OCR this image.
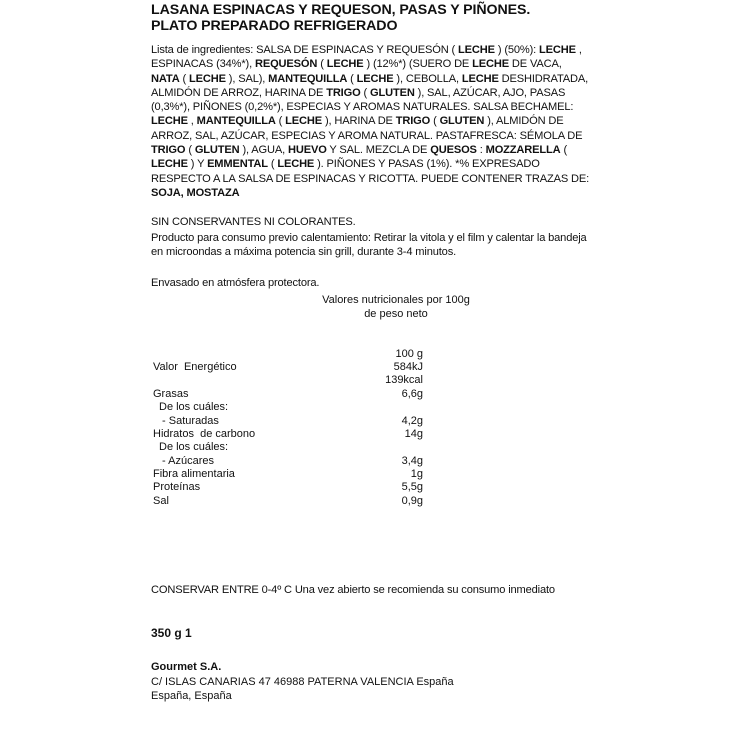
LASANA ESPINACAS Y REQUESON, PASAS Y PIÑONES.
PLATO PREPARADO REFRIGERADO
Lista de ingredientes: SALSA DE ESPINACAS Y REQUESÓN ( LECHE ) (50%): LECHE , ESPINACAS (34%*), REQUESÓN ( LECHE ) (12%*) (SUERO DE LECHE DE VACA, NATA ( LECHE ), SAL), MANTEQUILLA ( LECHE ), CEBOLLA, LECHE DESHIDRATADA, ALMIDÓN DE ARROZ, HARINA DE TRIGO ( GLUTEN ), SAL, AZÚCAR, AJO, PASAS (0,3%*), PIÑONES (0,2%*), ESPECIAS Y AROMAS NATURALES. SALSA BECHAMEL: LECHE , MANTEQUILLA ( LECHE ), HARINA DE TRIGO ( GLUTEN ), ALMIDÓN DE ARROZ, SAL, AZÚCAR, ESPECIAS Y AROMA NATURAL. PASTAFRESCA: SÉMOLA DE TRIGO ( GLUTEN ), AGUA, HUEVO Y SAL. MEZCLA DE QUESOS : MOZZARELLA ( LECHE ) Y EMMENTAL ( LECHE ). PIÑONES Y PASAS (1%). *% EXPRESADO RESPECTO A LA SALSA DE ESPINACAS Y RICOTTA. PUEDE CONTENER TRAZAS DE: SOJA, MOSTAZA
SIN CONSERVANTES NI COLORANTES.
Producto para consumo previo calentamiento: Retirar la vitola y el film y calentar la bandeja en microondas a máxima potencia sin grill, durante 3-4 minutos.
Envasado en atmósfera protectora.
Valores nutricionales por 100g de peso neto
100 g
Valor  Energético	584kJ
139kcal
Grasas	6,6g
De los cuáles:
- Saturadas	4,2g
Hidratos  de carbono	14g
De los cuáles:
- Azúcares	3,4g
Fibra alimentaria	1g
Proteínas	5,5g
Sal	0,9g
CONSERVAR ENTRE 0-4º C Una vez abierto se recomienda su consumo inmediato
350 g 1
Gourmet S.A.
C/ ISLAS CANARIAS 47 46988 PATERNA VALENCIA España
España, España
